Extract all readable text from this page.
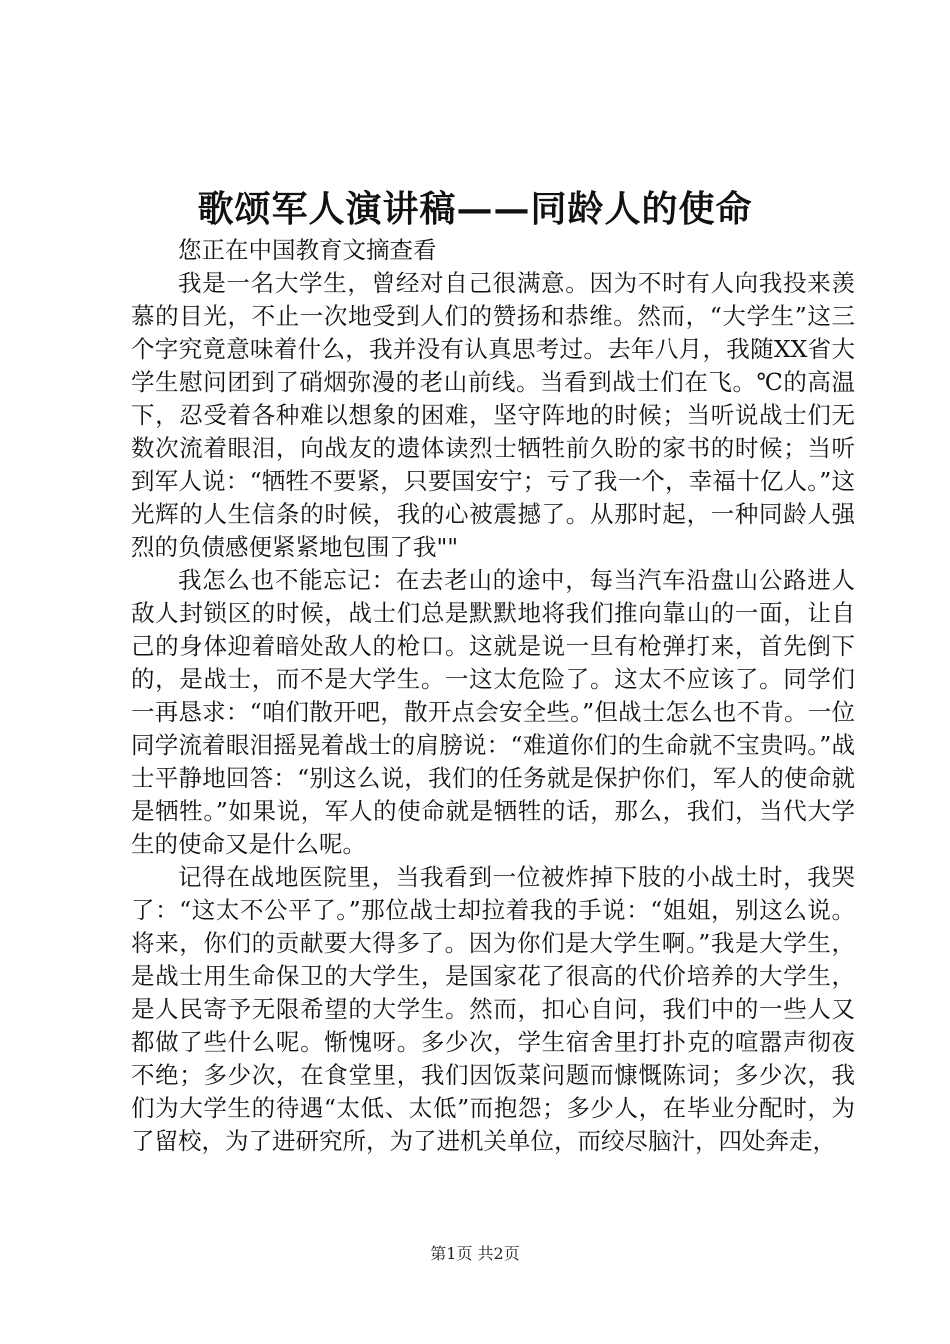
歌颂军人演讲稿——同龄人的使命

您正在中国教育文摘查看

我是一名大学生，曾经对自己很满意。因为不时有人向我投来羡慕的目光，不止一次地受到人们的赞扬和恭维。然而，“大学生”这三个字究竟意味着什么，我并没有认真思考过。去年八月，我随XX省大学生慰问团到了硝烟弥漫的老山前线。当看到战士们在飞。℃的高温下，忍受着各种难以想象的困难，坚守阵地的时候；当听说战士们无数次流着眼泪，向战友的遗体读烈士牺牲前久盼的家书的时候；当听到军人说：“牺牲不要紧，只要国安宁；亏了我一个，幸福十亿人。”这光辉的人生信条的时候，我的心被震撼了。从那时起，一种同龄人强烈的负债感便紧紧地包围了我""

我怎么也不能忘记：在去老山的途中，每当汽车沿盘山公路进人敌人封锁区的时候，战士们总是默默地将我们推向靠山的一面，让自己的身体迎着暗处敌人的枪口。这就是说一旦有枪弹打来，首先倒下的，是战士，而不是大学生。一这太危险了。这太不应该了。同学们一再恳求：“咱们散开吧，散开点会安全些。”但战士怎么也不肯。一位同学流着眼泪摇晃着战士的肩膀说：“难道你们的生命就不宝贵吗。”战士平静地回答：“别这么说，我们的任务就是保护你们，军人的使命就是牺牲。”如果说，军人的使命就是牺牲的话，那么，我们，当代大学生的使命又是什么呢。

记得在战地医院里，当我看到一位被炸掉下肢的小战土时，我哭了：“这太不公平了。”那位战士却拉着我的手说：“姐姐，别这么说。将来，你们的贡献要大得多了。因为你们是大学生啊。”我是大学生，是战士用生命保卫的大学生，是国家花了很高的代价培养的大学生，是人民寄予无限希望的大学生。然而，扣心自问，我们中的一些人又都做了些什么呢。惭愧呀。多少次，学生宿舍里打扑克的喧嚣声彻夜不绝；多少次，在食堂里，我们因饭菜问题而慷慨陈词；多少次，我们为大学生的待遇“太低、太低”而抱怨；多少人，在毕业分配时，为了留校，为了进研究所，为了进机关单位，而绞尽脑汁，四处奔走，

第1页 共2页
